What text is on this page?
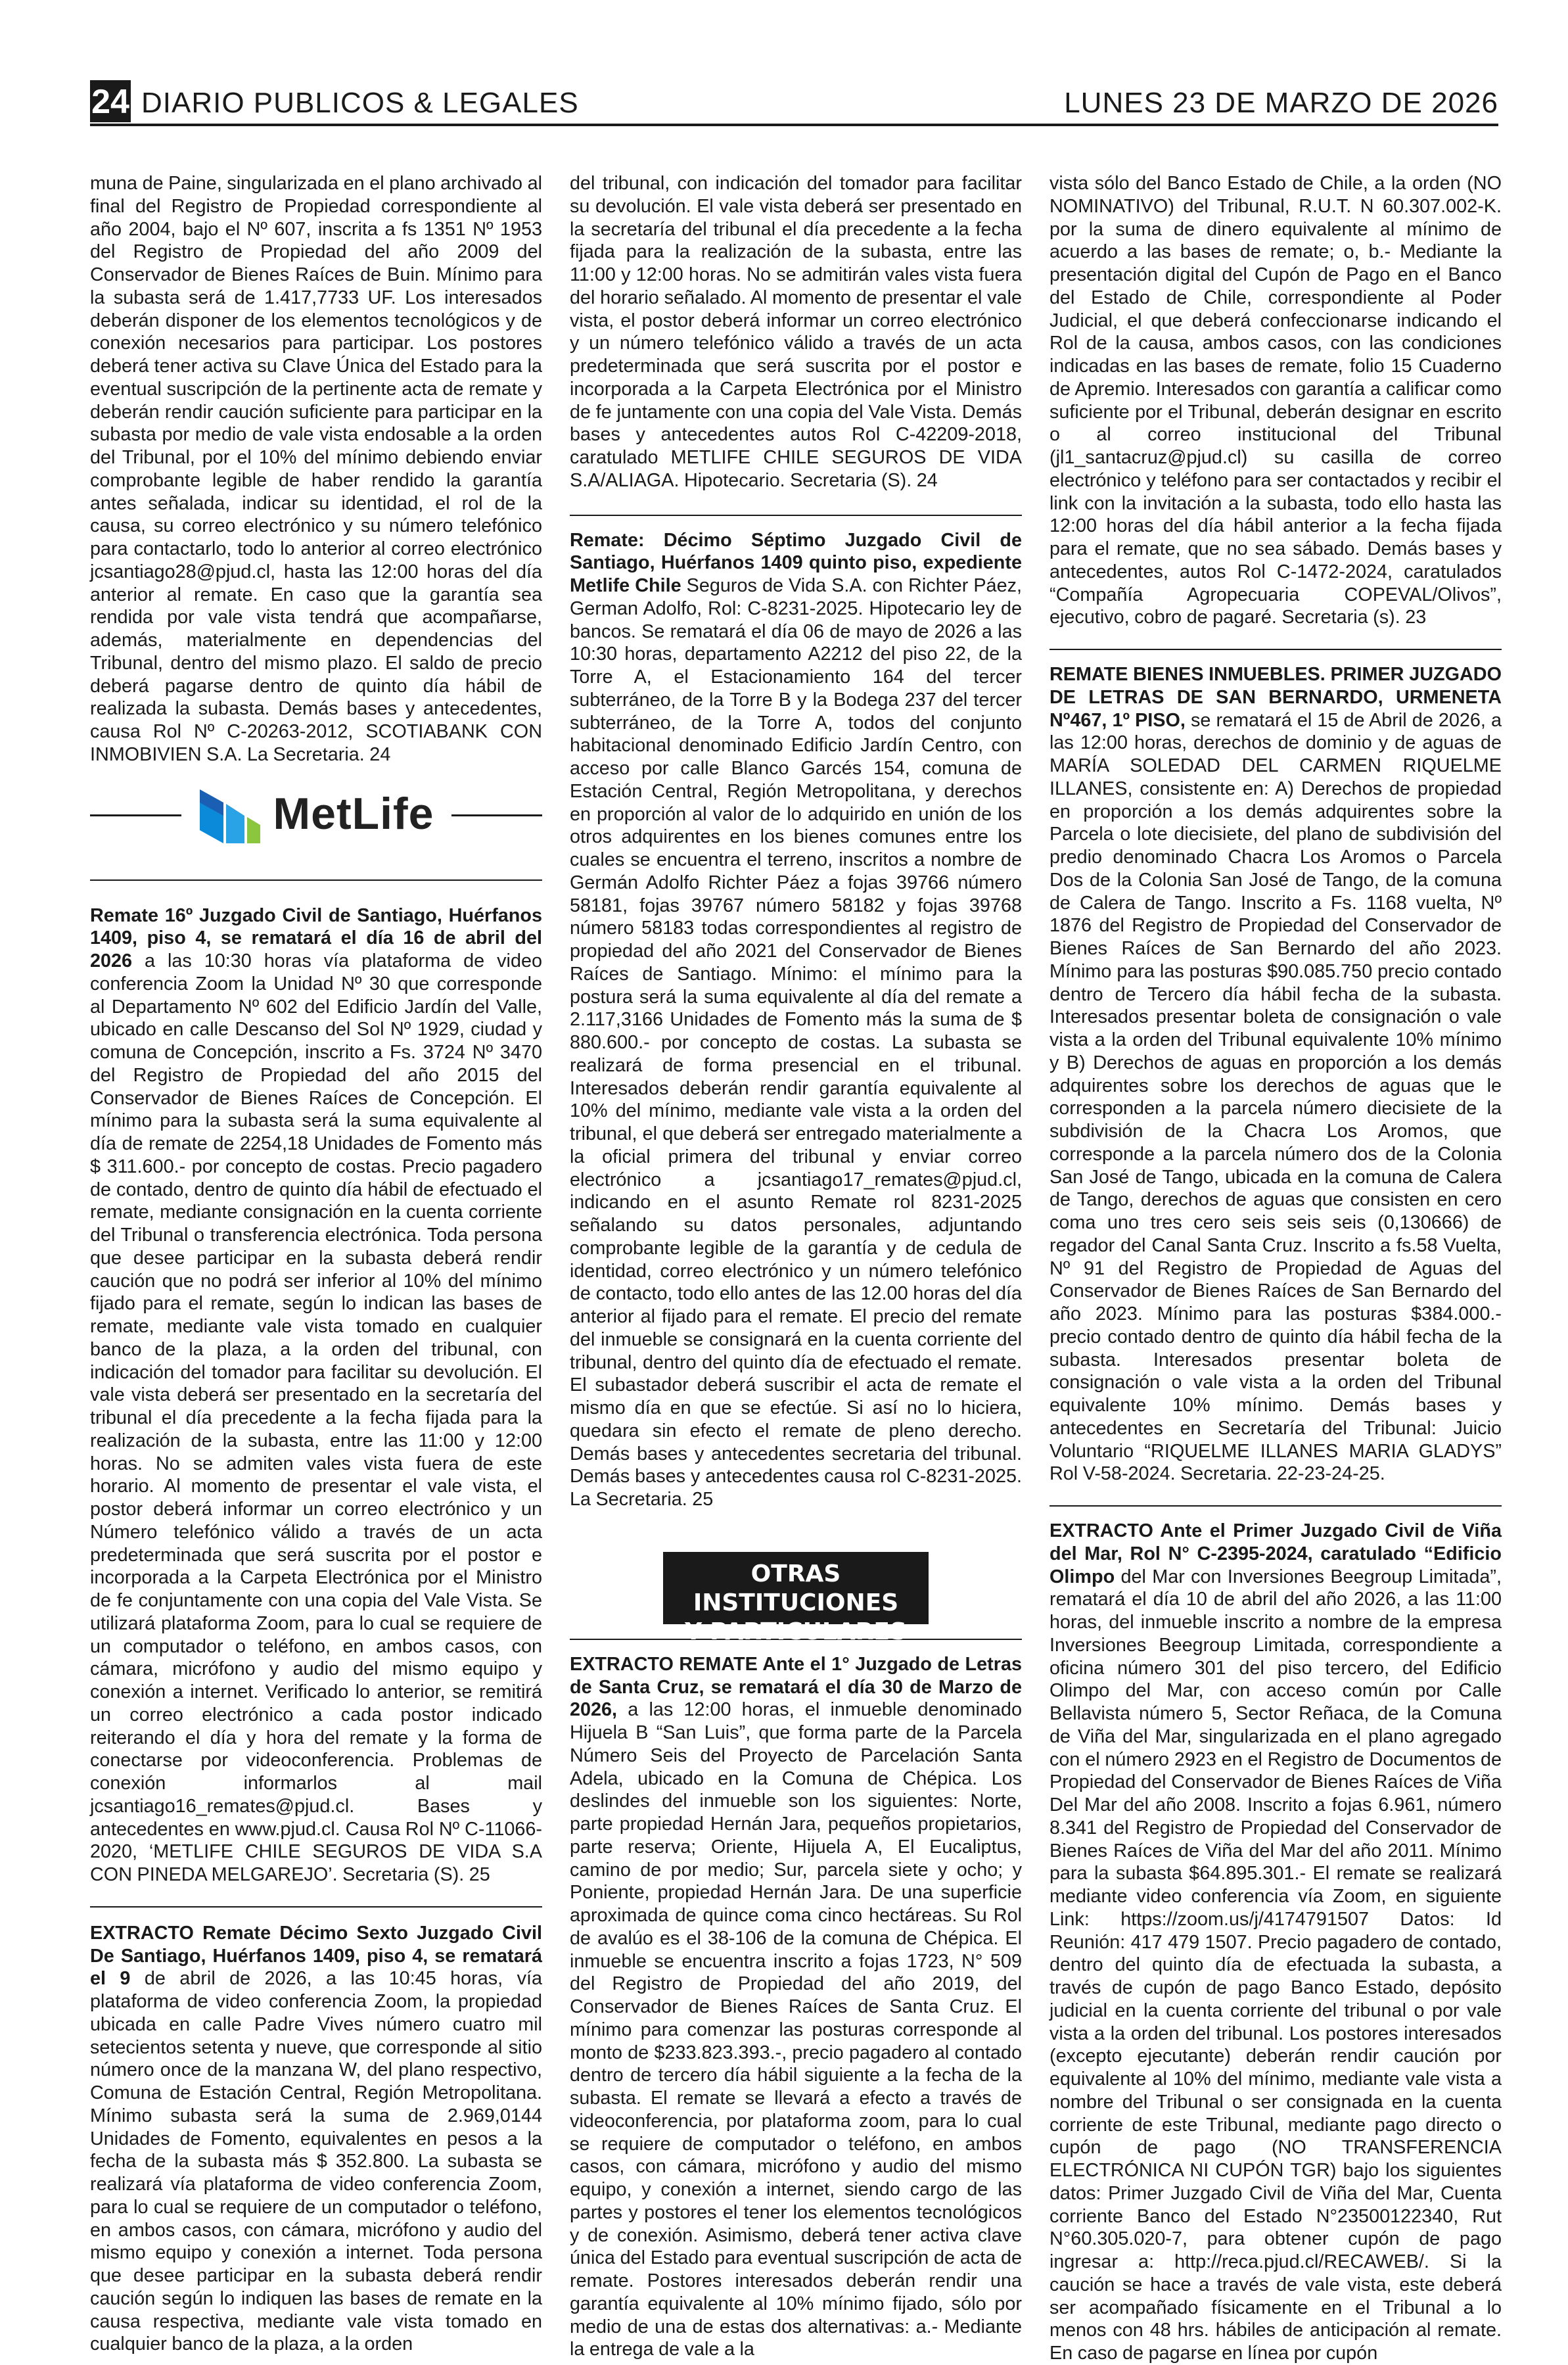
24 DIARIO PUBLICOS & LEGALES	LUNES 23 DE MARZO DE 2026

muna de Paine, singularizada en el plano archivado al final del Registro de Propiedad correspondiente al año 2004, bajo el Nº 607, inscrita a fs 1351 Nº 1953 del Registro de Propiedad del año 2009 del Conservador de Bienes Raíces de Buin. Mínimo para la subasta será de 1.417,7733 UF. Los interesados deberán disponer de los elementos tecnológicos y de conexión necesarios para participar. Los postores deberá tener activa su Clave Única del Estado para la eventual suscripción de la pertinente acta de remate y deberán rendir caución suficiente para participar en la subasta por medio de vale vista endosable a la orden del Tribunal, por el 10% del mínimo debiendo enviar comprobante legible de haber rendido la garantía antes señalada, indicar su identidad, el rol de la causa, su correo electrónico y su número telefónico para contactarlo, todo lo anterior al correo electrónico jcsantiago28@pjud.cl, hasta las 12:00 horas del día anterior al remate. En caso que la garantía sea rendida por vale vista tendrá que acompañarse, además, materialmente en dependencias del Tribunal, dentro del mismo plazo. El saldo de precio deberá pagarse dentro de quinto día hábil de realizada la subasta. Demás bases y antecedentes, causa Rol Nº C-20263-2012, SCOTIABANK CON INMOBIVIEN S.A. La Secretaria. 24

MetLife

Remate 16º Juzgado Civil de Santiago, Huérfanos 1409, piso 4, se rematará el día 16 de abril del 2026 a las 10:30 horas vía plataforma de video conferencia Zoom la Unidad Nº 30 que corresponde al Departamento Nº 602 del Edificio Jardín del Valle, ubicado en calle Descanso del Sol Nº 1929, ciudad y comuna de Concepción, inscrito a Fs. 3724 Nº 3470 del Registro de Propiedad del año 2015 del Conservador de Bienes Raíces de Concepción. El mínimo para la subasta será la suma equivalente al día de remate de 2254,18 Unidades de Fomento más $ 311.600.- por concepto de costas. Precio pagadero de contado, dentro de quinto día hábil de efectuado el remate, mediante consignación en la cuenta corriente del Tribunal o transferencia electrónica. Toda persona que desee participar en la subasta deberá rendir caución que no podrá ser inferior al 10% del mínimo fijado para el remate, según lo indican las bases de remate, mediante vale vista tomado en cualquier banco de la plaza, a la orden del tribunal, con indicación del tomador para facilitar su devolución. El vale vista deberá ser presentado en la secretaría del tribunal el día precedente a la fecha fijada para la realización de la subasta, entre las 11:00 y 12:00 horas. No se admiten vales vista fuera de este horario. Al momento de presentar el vale vista, el postor deberá informar un correo electrónico y un Número telefónico válido a través de un acta predeterminada que será suscrita por el postor e incorporada a la Carpeta Electrónica por el Ministro de fe conjuntamente con una copia del Vale Vista. Se utilizará plataforma Zoom, para lo cual se requiere de un computador o teléfono, en ambos casos, con cámara, micrófono y audio del mismo equipo y conexión a internet. Verificado lo anterior, se remitirá un correo electrónico a cada postor indicado reiterando el día y hora del remate y la forma de conectarse por videoconferencia. Problemas de conexión informarlos al mail jcsantiago16_remates@pjud.cl. Bases y antecedentes en www.pjud.cl. Causa Rol Nº C-11066-2020, ‘METLIFE CHILE SEGUROS DE VIDA S.A CON PINEDA MELGAREJO’. Secretaria (S). 25

EXTRACTO Remate Décimo Sexto Juzgado Civil De Santiago, Huérfanos 1409, piso 4, se rematará el 9 de abril de 2026, a las 10:45 horas, vía plataforma de video conferencia Zoom, la propiedad ubicada en calle Padre Vives número cuatro mil setecientos setenta y nueve, que corresponde al sitio número once de la manzana W, del plano respectivo, Comuna de Estación Central, Región Metropolitana. Mínimo subasta será la suma de 2.969,0144 Unidades de Fomento, equivalentes en pesos a la fecha de la subasta más $ 352.800. La subasta se realizará vía plataforma de video conferencia Zoom, para lo cual se requiere de un computador o teléfono, en ambos casos, con cámara, micrófono y audio del mismo equipo y conexión a internet. Toda persona que desee participar en la subasta deberá rendir caución según lo indiquen las bases de remate en la causa respectiva, mediante vale vista tomado en cualquier banco de la plaza, a la orden

del tribunal, con indicación del tomador para facilitar su devolución. El vale vista deberá ser presentado en la secretaría del tribunal el día precedente a la fecha fijada para la realización de la subasta, entre las 11:00 y 12:00 horas. No se admitirán vales vista fuera del horario señalado. Al momento de presentar el vale vista, el postor deberá informar un correo electrónico y un número telefónico válido a través de un acta predeterminada que será suscrita por el postor e incorporada a la Carpeta Electrónica por el Ministro de fe juntamente con una copia del Vale Vista. Demás bases y antecedentes autos Rol C-42209-2018, caratulado METLIFE CHILE SEGUROS DE VIDA S.A/ALIAGA. Hipotecario. Secretaria (S). 24

Remate: Décimo Séptimo Juzgado Civil de Santiago, Huérfanos 1409 quinto piso, expediente Metlife Chile Seguros de Vida S.A. con Richter Páez, German Adolfo, Rol: C-8231-2025. Hipotecario ley de bancos. Se rematará el día 06 de mayo de 2026 a las 10:30 horas, departamento A2212 del piso 22, de la Torre A, el Estacionamiento 164 del tercer subterráneo, de la Torre B y la Bodega 237 del tercer subterráneo, de la Torre A, todos del conjunto habitacional denominado Edificio Jardín Centro, con acceso por calle Blanco Garcés 154, comuna de Estación Central, Región Metropolitana, y derechos en proporción al valor de lo adquirido en unión de los otros adquirentes en los bienes comunes entre los cuales se encuentra el terreno, inscritos a nombre de Germán Adolfo Richter Páez a fojas 39766 número 58181, fojas 39767 número 58182 y fojas 39768 número 58183 todas correspondientes al registro de propiedad del año 2021 del Conservador de Bienes Raíces de Santiago. Mínimo: el mínimo para la postura será la suma equivalente al día del remate a 2.117,3166 Unidades de Fomento más la suma de $ 880.600.- por concepto de costas. La subasta se realizará de forma presencial en el tribunal. Interesados deberán rendir garantía equivalente al 10% del mínimo, mediante vale vista a la orden del tribunal, el que deberá ser entregado materialmente a la oficial primera del tribunal y enviar correo electrónico a jcsantiago17_remates@pjud.cl, indicando en el asunto Remate rol 8231-2025 señalando su datos personales, adjuntando comprobante legible de la garantía y de cedula de identidad, correo electrónico y un número telefónico de contacto, todo ello antes de las 12.00 horas del día anterior al fijado para el remate. El precio del remate del inmueble se consignará en la cuenta corriente del tribunal, dentro del quinto día de efectuado el remate. El subastador deberá suscribir el acta de remate el mismo día en que se efectúe. Si así no lo hiciera, quedara sin efecto el remate de pleno derecho. Demás bases y antecedentes secretaria del tribunal. Demás bases y antecedentes causa rol C-8231-2025. La Secretaria. 25

OTRAS INSTITUCIONES
Y PARTICULARES

EXTRACTO REMATE Ante el 1° Juzgado de Letras de Santa Cruz, se rematará el día 30 de Marzo de 2026, a las 12:00 horas, el inmueble denominado Hijuela B “San Luis”, que forma parte de la Parcela Número Seis del Proyecto de Parcelación Santa Adela, ubicado en la Comuna de Chépica. Los deslindes del inmueble son los siguientes: Norte, parte propiedad Hernán Jara, pequeños propietarios, parte reserva; Oriente, Hijuela A, El Eucaliptus, camino de por medio; Sur, parcela siete y ocho; y Poniente, propiedad Hernán Jara. De una superficie aproximada de quince coma cinco hectáreas. Su Rol de avalúo es el 38-106 de la comuna de Chépica. El inmueble se encuentra inscrito a fojas 1723, N° 509 del Registro de Propiedad del año 2019, del Conservador de Bienes Raíces de Santa Cruz. El mínimo para comenzar las posturas corresponde al monto de $233.823.393.-, precio pagadero al contado dentro de tercero día hábil siguiente a la fecha de la subasta. El remate se llevará a efecto a través de videoconferencia, por plataforma zoom, para lo cual se requiere de computador o teléfono, en ambos casos, con cámara, micrófono y audio del mismo equipo, y conexión a internet, siendo cargo de las partes y postores el tener los elementos tecnológicos y de conexión. Asimismo, deberá tener activa clave única del Estado para eventual suscripción de acta de remate. Postores interesados deberán rendir una garantía equivalente al 10% mínimo fijado, sólo por medio de una de estas dos alternativas: a.- Mediante la entrega de vale a la

vista sólo del Banco Estado de Chile, a la orden (NO NOMINATIVO) del Tribunal, R.U.T. N 60.307.002-K. por la suma de dinero equivalente al mínimo de acuerdo a las bases de remate; o, b.- Mediante la presentación digital del Cupón de Pago en el Banco del Estado de Chile, correspondiente al Poder Judicial, el que deberá confeccionarse indicando el Rol de la causa, ambos casos, con las condiciones indicadas en las bases de remate, folio 15 Cuaderno de Apremio. Interesados con garantía a calificar como suficiente por el Tribunal, deberán designar en escrito o al correo institucional del Tribunal (jl1_santacruz@pjud.cl) su casilla de correo electrónico y teléfono para ser contactados y recibir el link con la invitación a la subasta, todo ello hasta las 12:00 horas del día hábil anterior a la fecha fijada para el remate, que no sea sábado. Demás bases y antecedentes, autos Rol C-1472-2024, caratulados “Compañía Agropecuaria COPEVAL/Olivos”, ejecutivo, cobro de pagaré. Secretaria (s). 23

REMATE BIENES INMUEBLES. PRIMER JUZGADO DE LETRAS DE SAN BERNARDO, URMENETA Nº467, 1º PISO, se rematará el 15 de Abril de 2026, a las 12:00 horas, derechos de dominio y de aguas de MARÍA SOLEDAD DEL CARMEN RIQUELME ILLANES, consistente en: A) Derechos de propiedad en proporción a los demás adquirentes sobre la Parcela o lote diecisiete, del plano de subdivisión del predio denominado Chacra Los Aromos o Parcela Dos de la Colonia San José de Tango, de la comuna de Calera de Tango. Inscrito a Fs. 1168 vuelta, Nº 1876 del Registro de Propiedad del Conservador de Bienes Raíces de San Bernardo del año 2023. Mínimo para las posturas $90.085.750 precio contado dentro de Tercero día hábil fecha de la subasta. Interesados presentar boleta de consignación o vale vista a la orden del Tribunal equivalente 10% mínimo y B) Derechos de aguas en proporción a los demás adquirentes sobre los derechos de aguas que le corresponden a la parcela número diecisiete de la subdivisión de la Chacra Los Aromos, que corresponde a la parcela número dos de la Colonia San José de Tango, ubicada en la comuna de Calera de Tango, derechos de aguas que consisten en cero coma uno tres cero seis seis seis (0,130666) de regador del Canal Santa Cruz. Inscrito a fs.58 Vuelta, Nº 91 del Registro de Propiedad de Aguas del Conservador de Bienes Raíces de San Bernardo del año 2023. Mínimo para las posturas $384.000.- precio contado dentro de quinto día hábil fecha de la subasta. Interesados presentar boleta de consignación o vale vista a la orden del Tribunal equivalente 10% mínimo. Demás bases y antecedentes en Secretaría del Tribunal: Juicio Voluntario “RIQUELME ILLANES MARIA GLADYS” Rol V-58-2024. Secretaria. 22-23-24-25.

EXTRACTO Ante el Primer Juzgado Civil de Viña del Mar, Rol N° C-2395-2024, caratulado “Edificio Olimpo del Mar con Inversiones Beegroup Limitada”, rematará el día 10 de abril del año 2026, a las 11:00 horas, del inmueble inscrito a nombre de la empresa Inversiones Beegroup Limitada, correspondiente a oficina número 301 del piso tercero, del Edificio Olimpo del Mar, con acceso común por Calle Bellavista número 5, Sector Reñaca, de la Comuna de Viña del Mar, singularizada en el plano agregado con el número 2923 en el Registro de Documentos de Propiedad del Conservador de Bienes Raíces de Viña Del Mar del año 2008. Inscrito a fojas 6.961, número 8.341 del Registro de Propiedad del Conservador de Bienes Raíces de Viña del Mar del año 2011. Mínimo para la subasta $64.895.301.- El remate se realizará mediante video conferencia vía Zoom, en siguiente Link: https://zoom.us/j/4174791507 Datos: Id Reunión: 417 479 1507. Precio pagadero de contado, dentro del quinto día de efectuada la subasta, a través de cupón de pago Banco Estado, depósito judicial en la cuenta corriente del tribunal o por vale vista a la orden del tribunal. Los postores interesados (excepto ejecutante) deberán rendir caución por equivalente al 10% del mínimo, mediante vale vista a nombre del Tribunal o ser consignada en la cuenta corriente de este Tribunal, mediante pago directo o cupón de pago (NO TRANSFERENCIA ELECTRÓNICA NI CUPÓN TGR) bajo los siguientes datos: Primer Juzgado Civil de Viña del Mar, Cuenta corriente Banco del Estado N°23500122340, Rut N°60.305.020-7, para obtener cupón de pago ingresar a: http://reca.pjud.cl/RECAWEB/. Si la caución se hace a través de vale vista, este deberá ser acompañado físicamente en el Tribunal a lo menos con 48 hrs. hábiles de anticipación al remate. En caso de pagarse en línea por cupón
